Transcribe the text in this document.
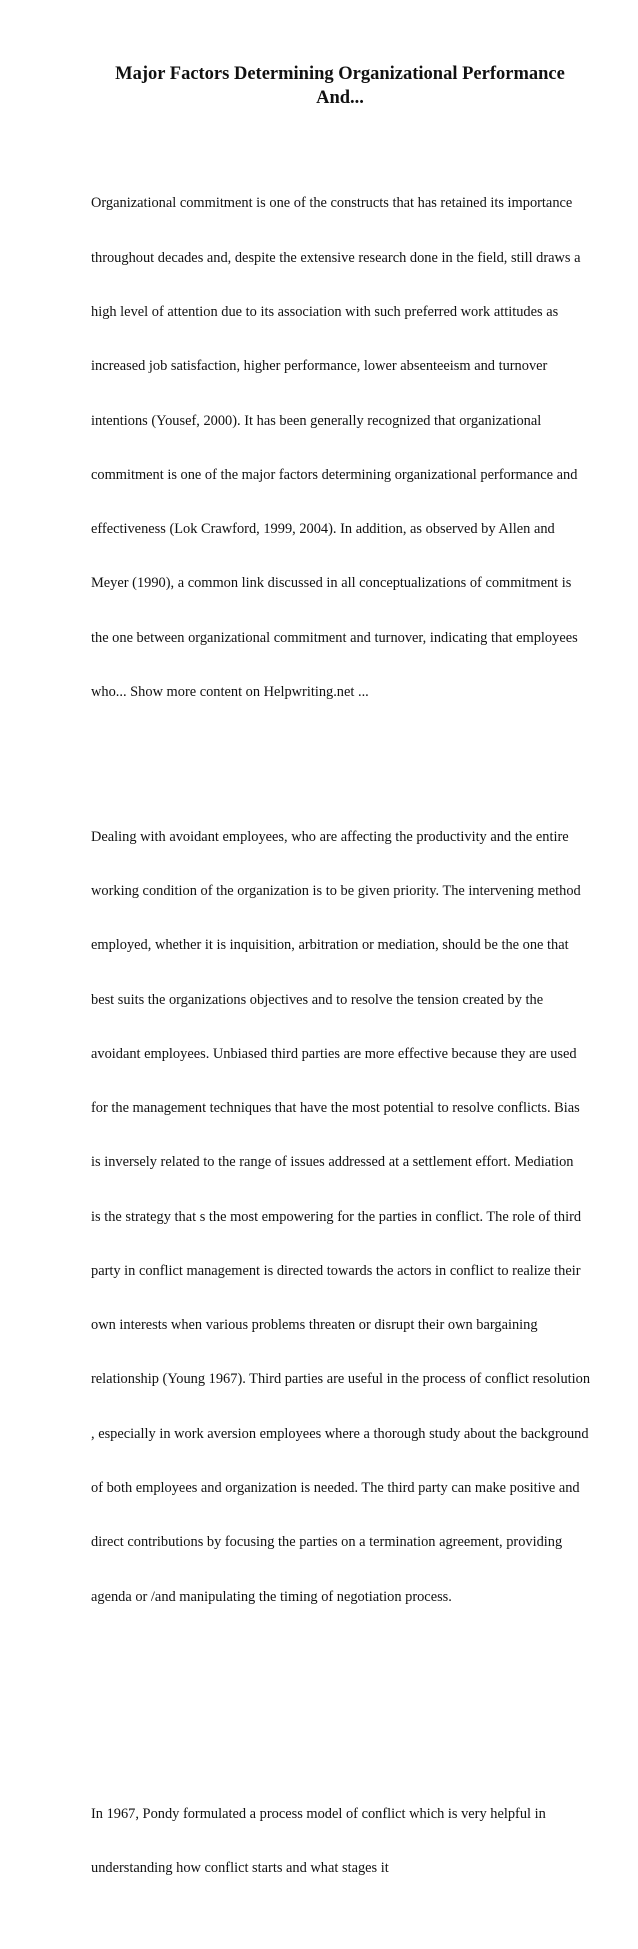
Major Factors Determining Organizational Performance
And...

Organizational commitment is one of the constructs that has retained its importance

throughout decades and, despite the extensive research done in the field, still draws a

high level of attention due to its association with such preferred work attitudes as

increased job satisfaction, higher performance, lower absenteeism and turnover

intentions (Yousef, 2000). It has been generally recognized that organizational

commitment is one of the major factors determining organizational performance and

effectiveness (Lok Crawford, 1999, 2004). In addition, as observed by Allen and

Meyer (1990), a common link discussed in all conceptualizations of commitment is

the one between organizational commitment and turnover, indicating that employees

who... Show more content on Helpwriting.net ...

Dealing with avoidant employees, who are affecting the productivity and the entire

working condition of the organization is to be given priority. The intervening method

employed, whether it is inquisition, arbitration or mediation, should be the one that

best suits the organizations objectives and to resolve the tension created by the

avoidant employees. Unbiased third parties are more effective because they are used

for the management techniques that have the most potential to resolve conflicts. Bias

is inversely related to the range of issues addressed at a settlement effort. Mediation

is the strategy that s the most empowering for the parties in conflict. The role of third

party in conflict management is directed towards the actors in conflict to realize their

own interests when various problems threaten or disrupt their own bargaining

relationship (Young 1967). Third parties are useful in the process of conflict resolution

, especially in work aversion employees where a thorough study about the background

of both employees and organization is needed. The third party can make positive and

direct contributions by focusing the parties on a termination agreement, providing

agenda or /and manipulating the timing of negotiation process.

In 1967, Pondy formulated a process model of conflict which is very helpful in

understanding how conflict starts and what stages it
